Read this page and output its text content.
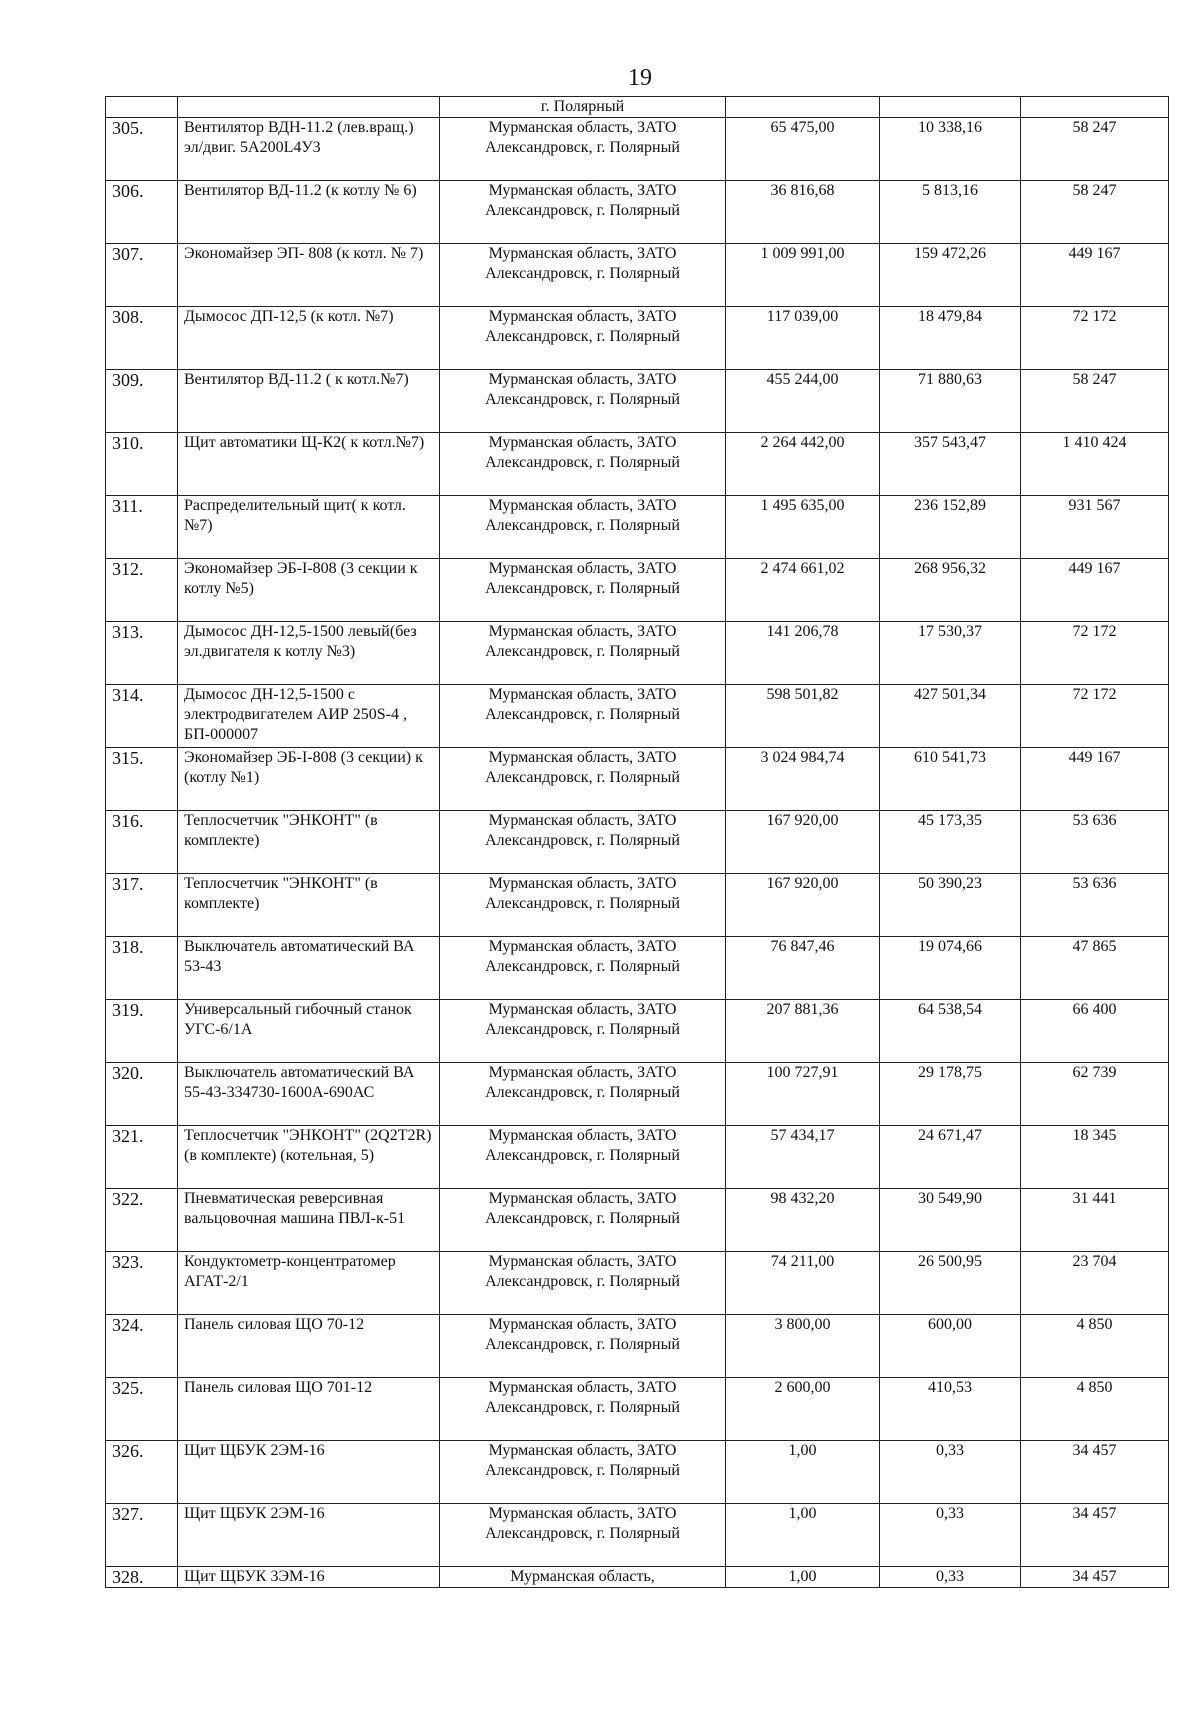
19
		г. Полярный			
305.	Вентилятор ВДН-11.2 (лев.вращ.) эл/двиг. 5А200L4У3	Мурманская область, ЗАТО Александровск, г. Полярный	65 475,00	10 338,16	58 247
306.	Вентилятор ВД-11.2 (к котлу № 6)	Мурманская область, ЗАТО Александровск, г. Полярный	36 816,68	5 813,16	58 247
307.	Экономайзер ЭП- 808 (к котл. № 7)	Мурманская область, ЗАТО Александровск, г. Полярный	1 009 991,00	159 472,26	449 167
308.	Дымосос ДП-12,5 (к котл. №7)	Мурманская область, ЗАТО Александровск, г. Полярный	117 039,00	18 479,84	72 172
309.	Вентилятор ВД-11.2 ( к котл.№7)	Мурманская область, ЗАТО Александровск, г. Полярный	455 244,00	71 880,63	58 247
310.	Щит автоматики Щ-К2( к котл.№7)	Мурманская область, ЗАТО Александровск, г. Полярный	2 264 442,00	357 543,47	1 410 424
311.	Распределительный щит( к котл.№7)	Мурманская область, ЗАТО Александровск, г. Полярный	1 495 635,00	236 152,89	931 567
312.	Экономайзер ЭБ-I-808 (3 секции к котлу №5)	Мурманская область, ЗАТО Александровск, г. Полярный	2 474 661,02	268 956,32	449 167
313.	Дымосос ДН-12,5-1500 левый(без эл.двигателя к котлу №3)	Мурманская область, ЗАТО Александровск, г. Полярный	141 206,78	17 530,37	72 172
314.	Дымосос ДН-12,5-1500 с электродвигателем АИР 250S-4 , БП-000007	Мурманская область, ЗАТО Александровск, г. Полярный	598 501,82	427 501,34	72 172
315.	Экономайзер ЭБ-I-808 (3 секции) к (котлу №1)	Мурманская область, ЗАТО Александровск, г. Полярный	3 024 984,74	610 541,73	449 167
316.	Теплосчетчик "ЭНКОНТ" (в комплекте)	Мурманская область, ЗАТО Александровск, г. Полярный	167 920,00	45 173,35	53 636
317.	Теплосчетчик "ЭНКОНТ" (в комплекте)	Мурманская область, ЗАТО Александровск, г. Полярный	167 920,00	50 390,23	53 636
318.	Выключатель автоматический ВА 53-43	Мурманская область, ЗАТО Александровск, г. Полярный	76 847,46	19 074,66	47 865
319.	Универсальный гибочный станок УГС-6/1А	Мурманская область, ЗАТО Александровск, г. Полярный	207 881,36	64 538,54	66 400
320.	Выключатель автоматический ВА 55-43-334730-1600А-690АС	Мурманская область, ЗАТО Александровск, г. Полярный	100 727,91	29 178,75	62 739
321.	Теплосчетчик "ЭНКОНТ" (2Q2T2R) (в комплекте) (котельная, 5)	Мурманская область, ЗАТО Александровск, г. Полярный	57 434,17	24 671,47	18 345
322.	Пневматическая реверсивная вальцовочная машина ПВЛ-к-51	Мурманская область, ЗАТО Александровск, г. Полярный	98 432,20	30 549,90	31 441
323.	Кондуктометр-концентратомер АГАТ-2/1	Мурманская область, ЗАТО Александровск, г. Полярный	74 211,00	26 500,95	23 704
324.	Панель силовая ЩО 70-12	Мурманская область, ЗАТО Александровск, г. Полярный	3 800,00	600,00	4 850
325.	Панель силовая ЩО 701-12	Мурманская область, ЗАТО Александровск, г. Полярный	2 600,00	410,53	4 850
326.	Щит ЩБУК 2ЭМ-16	Мурманская область, ЗАТО Александровск, г. Полярный	1,00	0,33	34 457
327.	Щит ЩБУК 2ЭМ-16	Мурманская область, ЗАТО Александровск, г. Полярный	1,00	0,33	34 457
328.	Щит ЩБУК 3ЭМ-16	Мурманская область,	1,00	0,33	34 457
